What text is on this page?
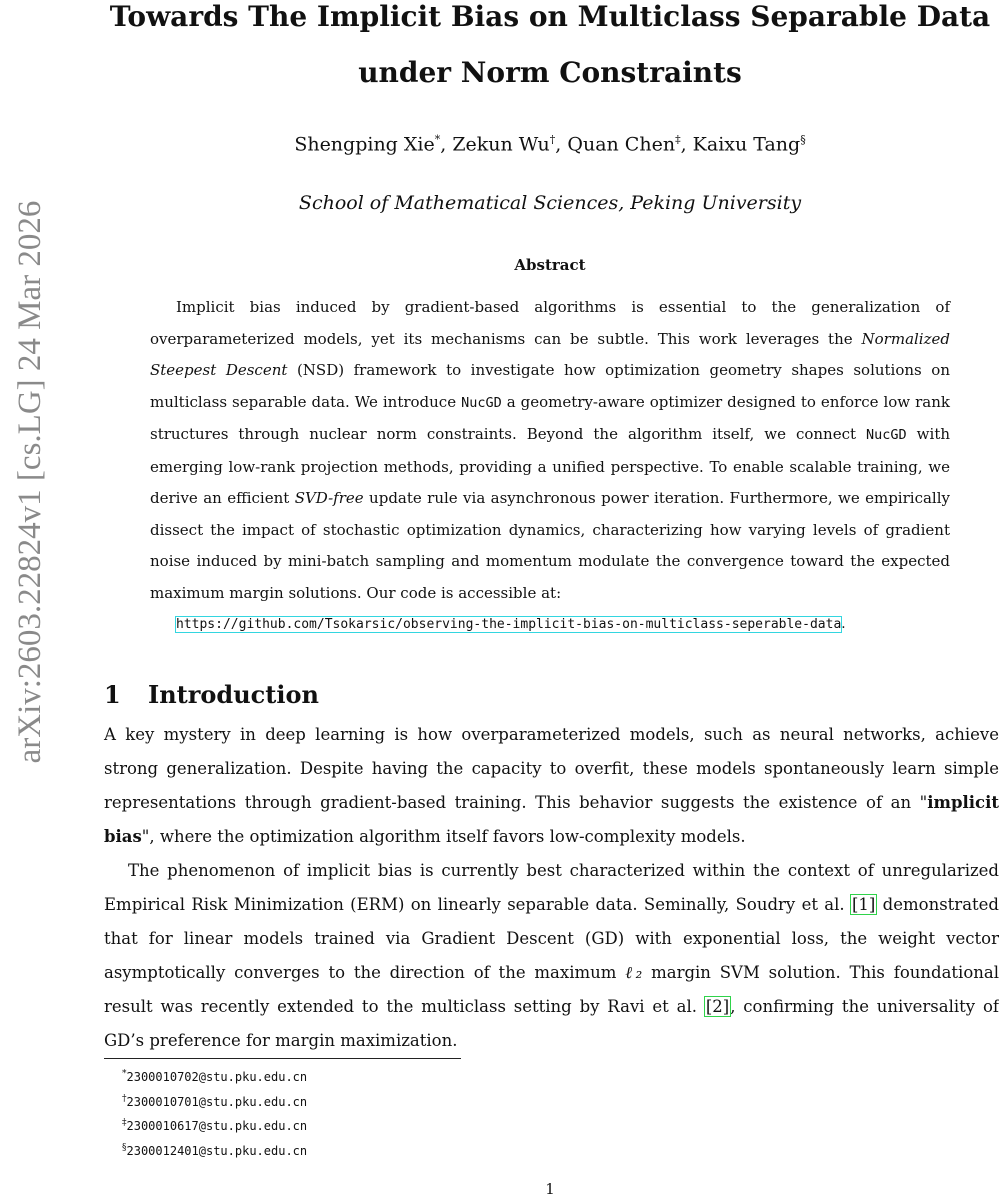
arXiv:2603.22824v1 [cs.LG] 24 Mar 2026
Towards The Implicit Bias on Multiclass Separable Data
under Norm Constraints
Shengping Xie*, Zekun Wu†, Quan Chen‡, Kaixu Tang§
School of Mathematical Sciences, Peking University
Abstract

Implicit bias induced by gradient-based algorithms is essential to the generalization of overparameterized models, yet its mechanisms can be subtle. This work leverages the Normalized Steepest Descent (NSD) framework to investigate how optimization geometry shapes solutions on multiclass separable data. We introduce NucGD a geometry-aware optimizer designed to enforce low rank structures through nuclear norm constraints. Beyond the algorithm itself, we connect NucGD with emerging low-rank projection methods, providing a unified perspective. To enable scalable training, we derive an efficient SVD-free update rule via asynchronous power iteration. Furthermore, we empirically dissect the impact of stochastic optimization dynamics, characterizing how varying levels of gradient noise induced by mini-batch sampling and momentum modulate the convergence toward the expected maximum margin solutions. Our code is accessible at:

https://github.com/Tsokarsic/observing-the-implicit-bias-on-multiclass-seperable-data.

1 Introduction

A key mystery in deep learning is how overparameterized models, such as neural networks, achieve strong generalization. Despite having the capacity to overfit, these models spontaneously learn simple representations through gradient-based training. This behavior suggests the existence of an "implicit bias", where the optimization algorithm itself favors low-complexity models.

The phenomenon of implicit bias is currently best characterized within the context of unregularized Empirical Risk Minimization (ERM) on linearly separable data. Seminally, Soudry et al. [1] demonstrated that for linear models trained via Gradient Descent (GD) with exponential loss, the weight vector asymptotically converges to the direction of the maximum ℓ₂ margin SVM solution. This foundational result was recently extended to the multiclass setting by Ravi et al. [2], confirming the universality of GD’s preference for margin maximization.

*2300010702@stu.pku.edu.cn
†2300010701@stu.pku.edu.cn
‡2300010617@stu.pku.edu.cn
§2300012401@stu.pku.edu.cn
1
